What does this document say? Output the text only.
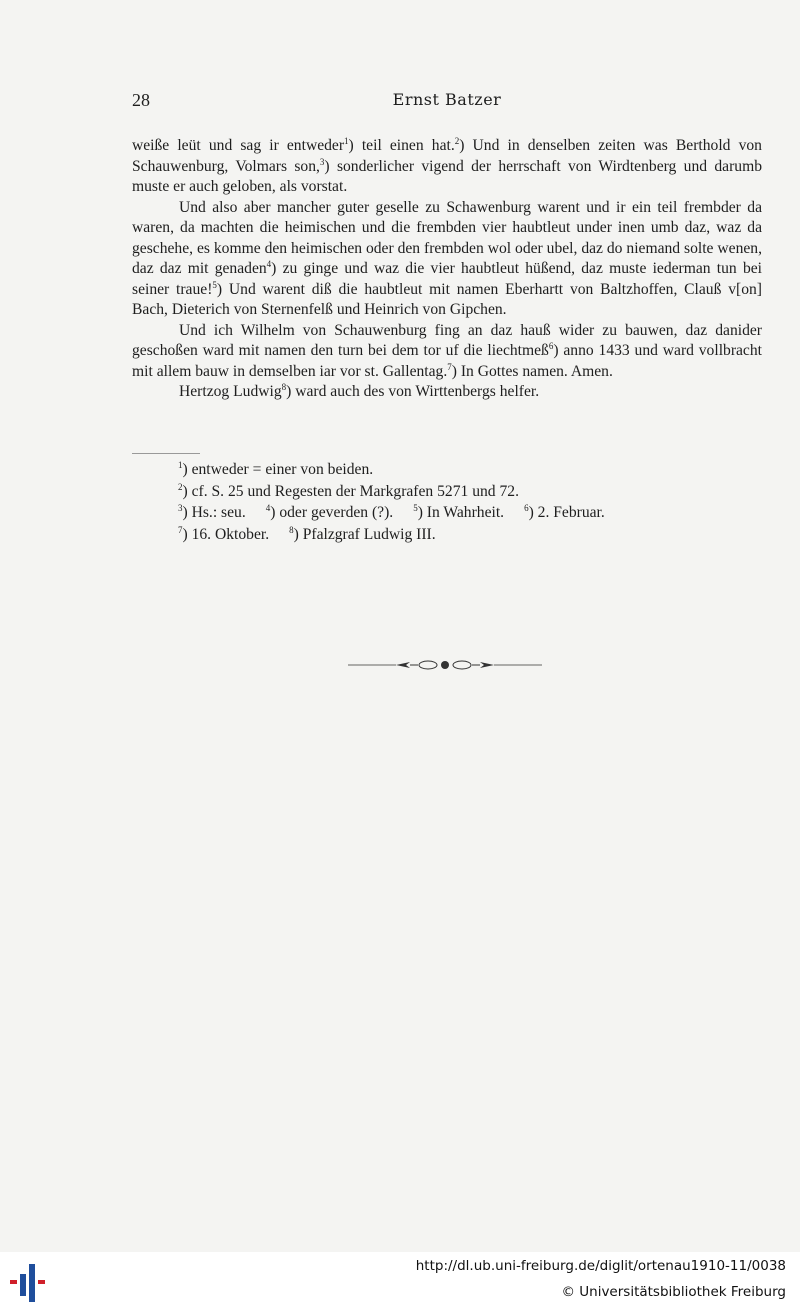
28	Ernst Batzer

weiße leüt und sag ir entweder$^1$) teil einen hat.$^2$) Und in denselben zeiten was Berthold von Schauwenburg, Volmars son,$^3$) sonderlicher vigend der herrschaft von Wirdtenberg und darumb muste er auch geloben, als vorstat.

Und also aber mancher guter geselle zu Schawenburg warent und ir ein teil frembder da waren, da machten die heimischen und die frembden vier haubtleut under inen umb daz, waz da geschehe, es komme den heimischen oder den frembden wol oder ubel, daz do niemand solte wenen, daz daz mit genaden$^4$) zu ginge und waz die vier haubtleut hüßend, daz muste iederman tun bei seiner traue!$^5$) Und warent diß die haubtleut mit namen Eberhartt von Baltzhoffen, Clauß v[on] Bach, Dieterich von Sternenfelß und Heinrich von Gipchen.

Und ich Wilhelm von Schauwenburg fing an daz hauß wider zu bauwen, daz danider geschoßen ward mit namen den turn bei dem tor uf die liechtmeß$^6$) anno 1433 und ward vollbracht mit allem bauw in demselben iar vor st. Gallentag.$^7$) In Gottes namen. Amen.

Hertzog Ludwig$^8$) ward auch des von Wirttenbergs helfer.

$^1$) entweder = einer von beiden.

$^2$) cf. S. 25 und Regesten der Markgrafen 5271 und 72.

$^3$) Hs.: seu. $^4$) oder geverden (?). $^5$) In Wahrheit. $^6$) 2. Februar.

$^7$) 16. Oktober. $^8$) Pfalzgraf Ludwig III.

http://dl.ub.uni-freiburg.de/diglit/ortenau1910-11/0038
© Universitätsbibliothek Freiburg
